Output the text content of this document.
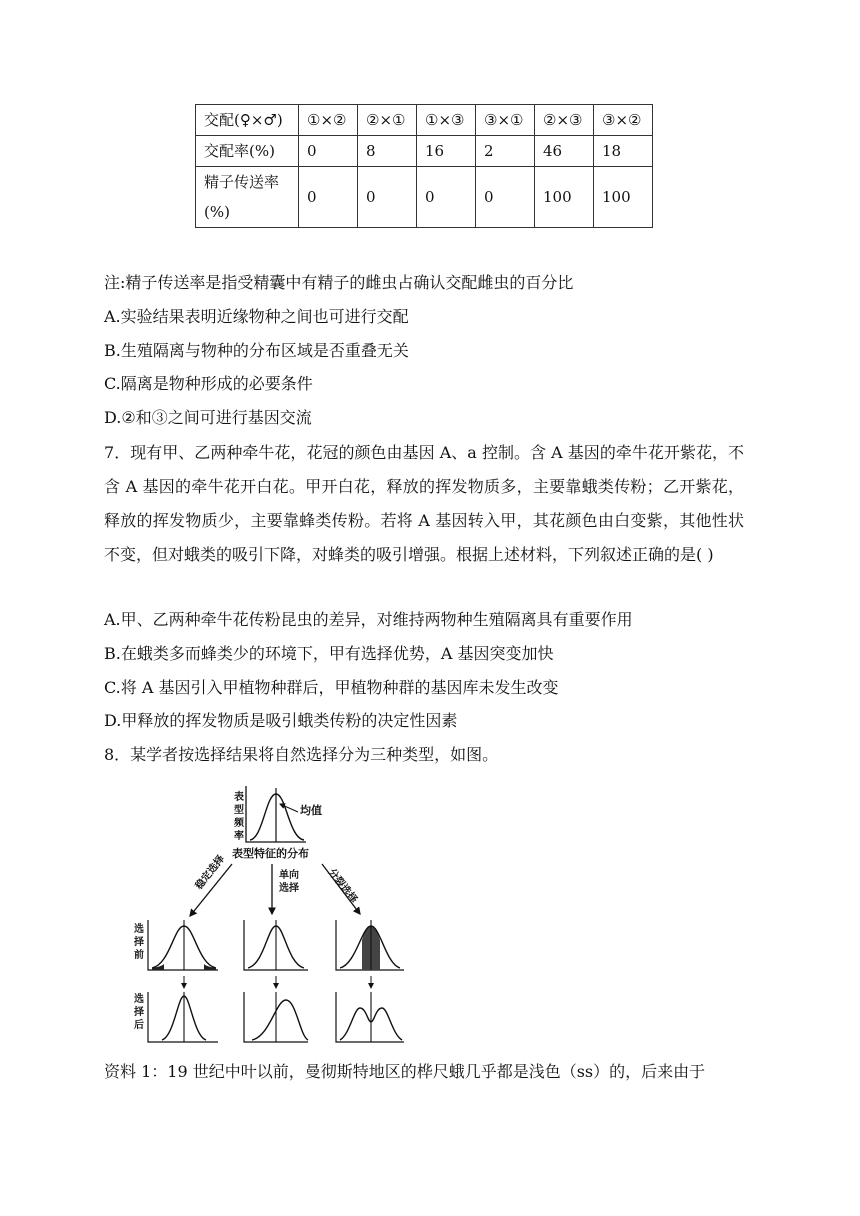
交配(♀×♂)	①×②	②×①	①×③	③×①	②×③	③×②
交配率(%)	0	8	16	2	46	18
精子传送率(%)	0	0	0	0	100	100
注:精子传送率是指受精囊中有精子的雌虫占确认交配雌虫的百分比
A.实验结果表明近缘物种之间也可进行交配
B.生殖隔离与物种的分布区域是否重叠无关
C.隔离是物种形成的必要条件
D.②和③之间可进行基因交流
7．现有甲、乙两种牵牛花，花冠的颜色由基因 A、a 控制。含 A 基因的牵牛花开紫花，不含 A 基因的牵牛花开白花。甲开白花，释放的挥发物质多，主要靠蛾类传粉；乙开紫花，释放的挥发物质少，主要靠蜂类传粉。若将 A 基因转入甲，其花颜色由白变紫，其他性状不变，但对蛾类的吸引下降，对蜂类的吸引增强。根据上述材料，下列叙述正确的是( )
A.甲、乙两种牵牛花传粉昆虫的差异，对维持两物种生殖隔离具有重要作用
B.在蛾类多而蜂类少的环境下，甲有选择优势，A 基因突变加快
C.将 A 基因引入甲植物种群后，甲植物种群的基因库未发生改变
D.甲释放的挥发物质是吸引蛾类传粉的决定性因素
8．某学者按选择结果将自然选择分为三种类型，如图。
表
型
频
率
均值
表型特征的分布
稳定选择	单向
选择	分裂选择
选
择
前
选
择
后
资料 1：19 世纪中叶以前，曼彻斯特地区的桦尺蛾几乎都是浅色（ss）的，后来由于
